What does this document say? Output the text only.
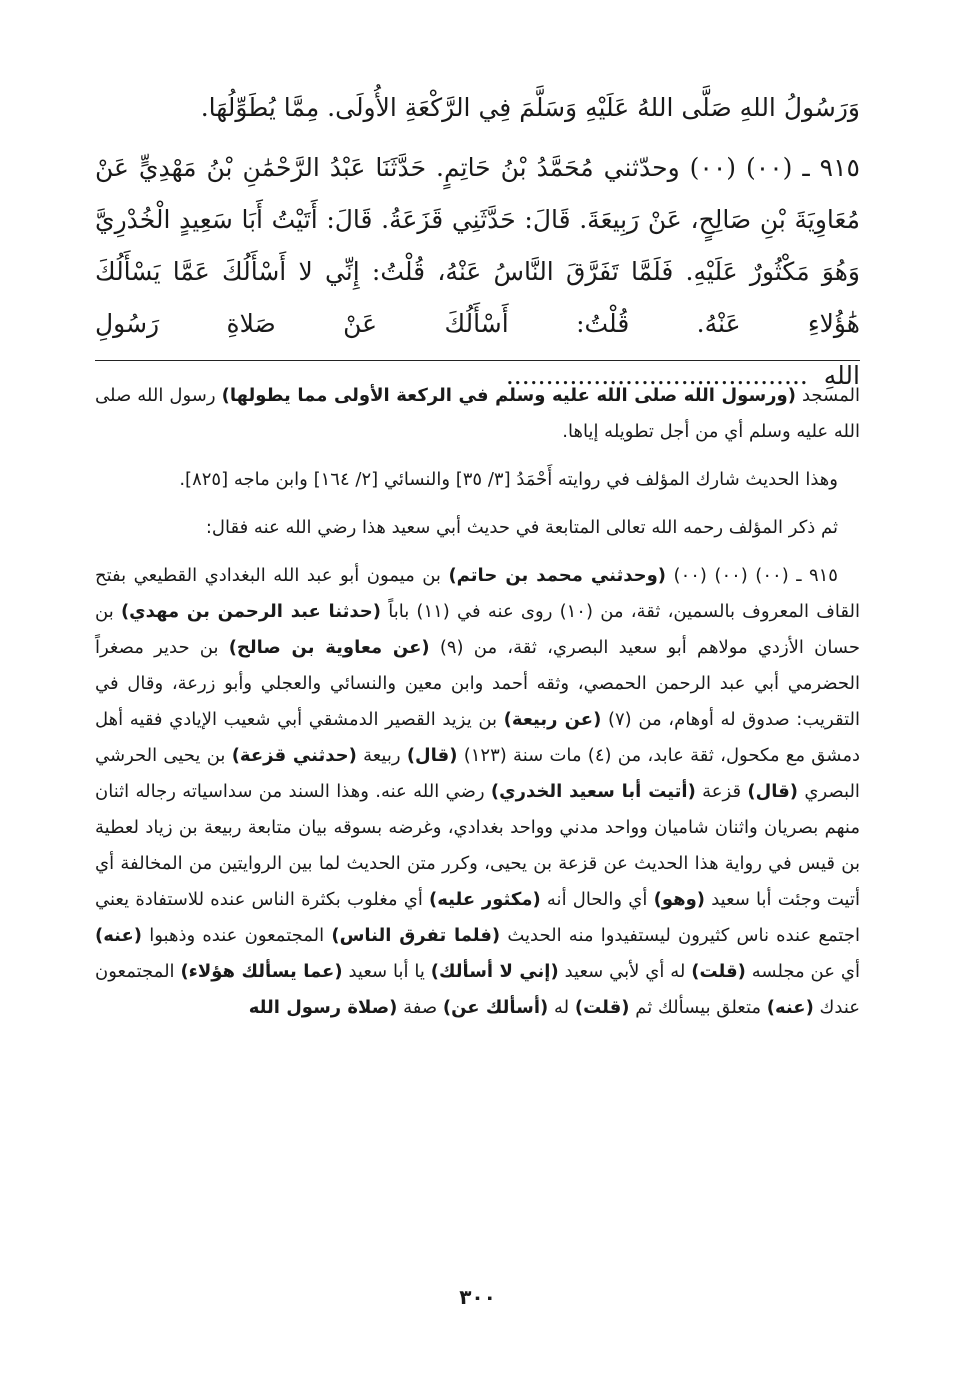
وَرَسُولُ اللهِ صَلَّى اللهُ عَلَيْهِ وَسَلَّمَ فِي الرَّكْعَةِ الأُولَى. مِمَّا يُطَوِّلُهَا.

٩١٥ ـ (٠٠) (٠٠) وحدّثني مُحَمَّدُ بْنُ حَاتِمٍ. حَدَّثَنَا عَبْدُ الرَّحْمَٰنِ بْنُ مَهْدِيٍّ عَنْ مُعَاوِيَةَ بْنِ صَالِحٍ، عَنْ رَبِيعَةَ. قَالَ: حَدَّثَنِي قَزَعَةُ. قَالَ: أَتَيْتُ أَبَا سَعِيدٍ الْخُدْرِيَّ وَهُوَ مَكْثُورٌ عَلَيْهِ. فَلَمَّا تَفَرَّقَ النَّاسُ عَنْهُ، قُلْتُ: إِنِّي لا أَسْأَلُكَ عَمَّا يَسْأَلُكَ هَٰؤُلاءِ عَنْهُ. قُلْتُ: أَسْأَلُكَ عَنْ صَلاةِ رَسُولِ اللهِ  ......................................

المسجد (ورسول الله صلى الله عليه وسلم في الركعة الأولى مما يطولها) رسول الله صلى الله عليه وسلم أي من أجل تطويله إياها.

وهذا الحديث شارك المؤلف في روايته أَحْمَدُ [٣/ ٣٥] والنسائي [٢/ ١٦٤] وابن ماجه [٨٢٥].

ثم ذكر المؤلف رحمه الله تعالى المتابعة في حديث أبي سعيد هذا رضي الله عنه فقال:

٩١٥ ـ (٠٠) (٠٠) (٠٠) (وحدثني محمد بن حاتم) بن ميمون أبو عبد الله البغدادي القطيعي بفتح القاف المعروف بالسمين، ثقة، من (١٠) روى عنه في (١١) باباً (حدثنا عبد الرحمن بن مهدي) بن حسان الأزدي مولاهم أبو سعيد البصري، ثقة، من (٩) (عن معاوية بن صالح) بن حدير مصغراً الحضرمي أبي عبد الرحمن الحمصي، وثقه أحمد وابن معين والنسائي والعجلي وأبو زرعة، وقال في التقريب: صدوق له أوهام، من (٧) (عن ربيعة) بن يزيد القصير الدمشقي أبي شعيب الإيادي فقيه أهل دمشق مع مكحول، ثقة عابد، من (٤) مات سنة (١٢٣) (قال) ربيعة (حدثني قزعة) بن يحيى الحرشي البصري (قال) قزعة (أتيت أبا سعيد الخدري) رضي الله عنه. وهذا السند من سداسياته رجاله اثنان منهم بصريان واثنان شاميان وواحد مدني وواحد بغدادي، وغرضه بسوقه بيان متابعة ربيعة بن زياد لعطية بن قيس في رواية هذا الحديث عن قزعة بن يحيى، وكرر متن الحديث لما بين الروايتين من المخالفة أي أتيت وجئت أبا سعيد (وهو) أي والحال أنه (مكثور عليه) أي مغلوب بكثرة الناس عنده للاستفادة يعني اجتمع عنده ناس كثيرون ليستفيدوا منه الحديث (فلما تفرق الناس) المجتمعون عنده وذهبوا (عنه) أي عن مجلسه (قلت) له أي لأبي سعيد (إني لا أسألك) يا أبا سعيد (عما يسألك هؤلاء) المجتمعون عندك (عنه) متعلق بيسألك ثم (قلت) له (أسألك عن) صفة (صلاة رسول الله

٣٠٠
